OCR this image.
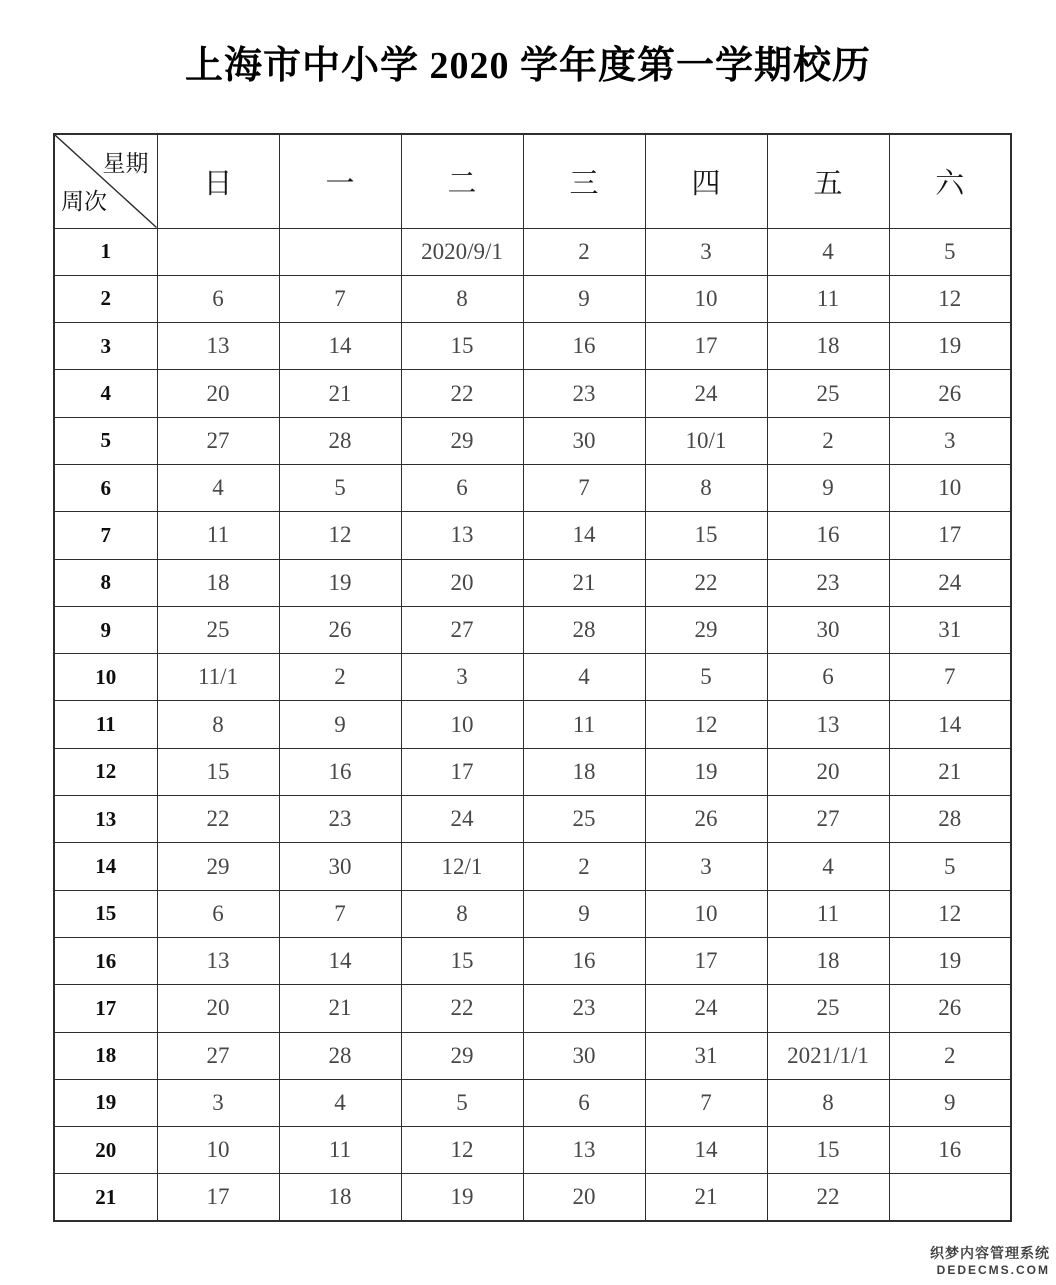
上海市中小学 2020 学年度第一学期校历
星期
周次	日	一	二	三	四	五	六
1			2020/9/1	2	3	4	5
2	6	7	8	9	10	11	12
3	13	14	15	16	17	18	19
4	20	21	22	23	24	25	26
5	27	28	29	30	10/1	2	3
6	4	5	6	7	8	9	10
7	11	12	13	14	15	16	17
8	18	19	20	21	22	23	24
9	25	26	27	28	29	30	31
10	11/1	2	3	4	5	6	7
11	8	9	10	11	12	13	14
12	15	16	17	18	19	20	21
13	22	23	24	25	26	27	28
14	29	30	12/1	2	3	4	5
15	6	7	8	9	10	11	12
16	13	14	15	16	17	18	19
17	20	21	22	23	24	25	26
18	27	28	29	30	31	2021/1/1	2
19	3	4	5	6	7	8	9
20	10	11	12	13	14	15	16
21	17	18	19	20	21	22	
织梦内容管理系统
DEDECMS.COM
